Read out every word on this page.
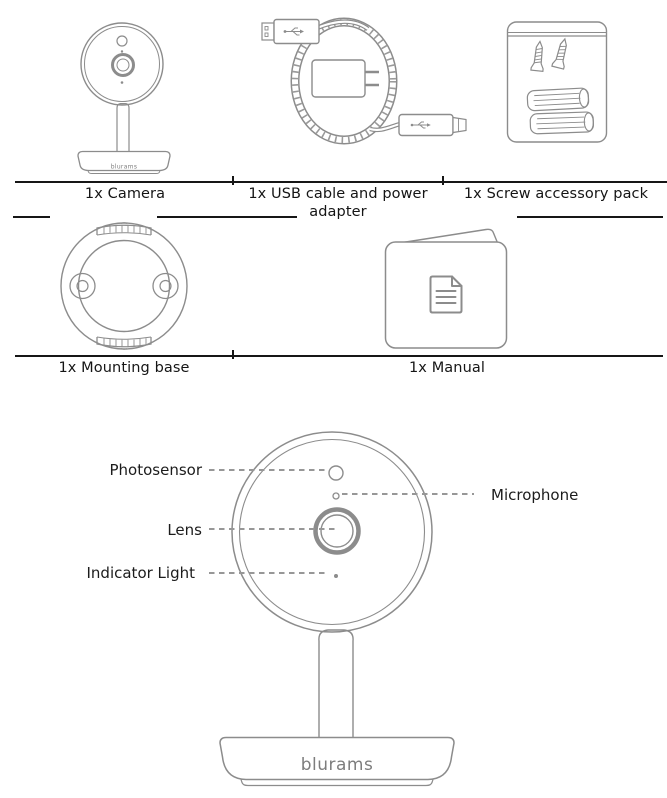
blurams
1x Camera	1x USB cable and power adapter
1x Screw accessory pack
1x Mounting base	1x Manual
blurams
Photosensor
Microphone
Lens
Indicator Light
